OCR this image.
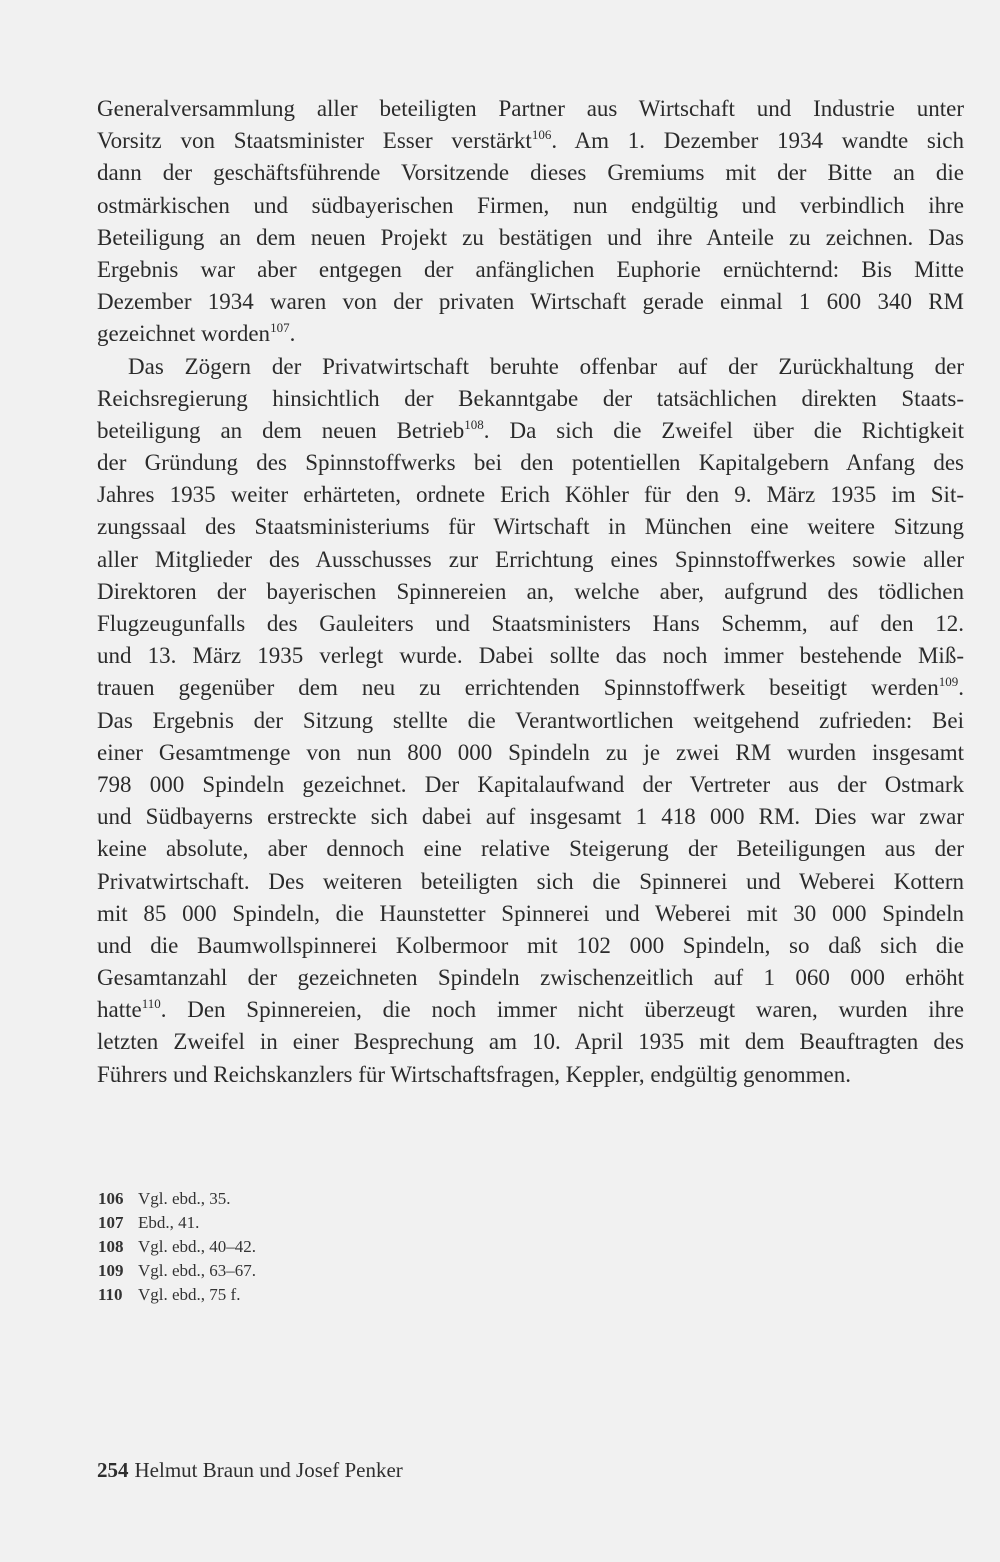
Generalversammlung aller beteiligten Partner aus Wirtschaft und Industrie unter
Vorsitz von Staatsminister Esser verstärkt$^{106}$. Am 1. Dezember 1934 wandte sich
dann der geschäftsführende Vorsitzende dieses Gremiums mit der Bitte an die
ostmärkischen und südbayerischen Firmen, nun endgültig und verbindlich ihre
Beteiligung an dem neuen Projekt zu bestätigen und ihre Anteile zu zeichnen. Das
Ergebnis war aber entgegen der anfänglichen Euphorie ernüchternd: Bis Mitte
Dezember 1934 waren von der privaten Wirtschaft gerade einmal 1 600 340 RM
gezeichnet worden$^{107}$.
Das Zögern der Privatwirtschaft beruhte offenbar auf der Zurückhaltung der
Reichsregierung hinsichtlich der Bekanntgabe der tatsächlichen direkten Staats-
beteiligung an dem neuen Betrieb$^{108}$. Da sich die Zweifel über die Richtigkeit
der Gründung des Spinnstoffwerks bei den potentiellen Kapitalgebern Anfang des
Jahres 1935 weiter erhärteten, ordnete Erich Köhler für den 9. März 1935 im Sit-
zungssaal des Staatsministeriums für Wirtschaft in München eine weitere Sitzung
aller Mitglieder des Ausschusses zur Errichtung eines Spinnstoffwerkes sowie aller
Direktoren der bayerischen Spinnereien an, welche aber, aufgrund des tödlichen
Flugzeugunfalls des Gauleiters und Staatsministers Hans Schemm, auf den 12.
und 13. März 1935 verlegt wurde. Dabei sollte das noch immer bestehende Miß-
trauen gegenüber dem neu zu errichtenden Spinnstoffwerk beseitigt werden$^{109}$.
Das Ergebnis der Sitzung stellte die Verantwortlichen weitgehend zufrieden: Bei
einer Gesamtmenge von nun 800 000 Spindeln zu je zwei RM wurden insgesamt
798 000 Spindeln gezeichnet. Der Kapitalaufwand der Vertreter aus der Ostmark
und Südbayerns erstreckte sich dabei auf insgesamt 1 418 000 RM. Dies war zwar
keine absolute, aber dennoch eine relative Steigerung der Beteiligungen aus der
Privatwirtschaft. Des weiteren beteiligten sich die Spinnerei und Weberei Kottern
mit 85 000 Spindeln, die Haunstetter Spinnerei und Weberei mit 30 000 Spindeln
und die Baumwollspinnerei Kolbermoor mit 102 000 Spindeln, so daß sich die
Gesamtanzahl der gezeichneten Spindeln zwischenzeitlich auf 1 060 000 erhöht
hatte$^{110}$. Den Spinnereien, die noch immer nicht überzeugt waren, wurden ihre
letzten Zweifel in einer Besprechung am 10. April 1935 mit dem Beauftragten des
Führers und Reichskanzlers für Wirtschaftsfragen, Keppler, endgültig genommen.
106 Vgl. ebd., 35.
107 Ebd., 41.
108 Vgl. ebd., 40–42.
109 Vgl. ebd., 63–67.
110 Vgl. ebd., 75 f.
254 Helmut Braun und Josef Penker
